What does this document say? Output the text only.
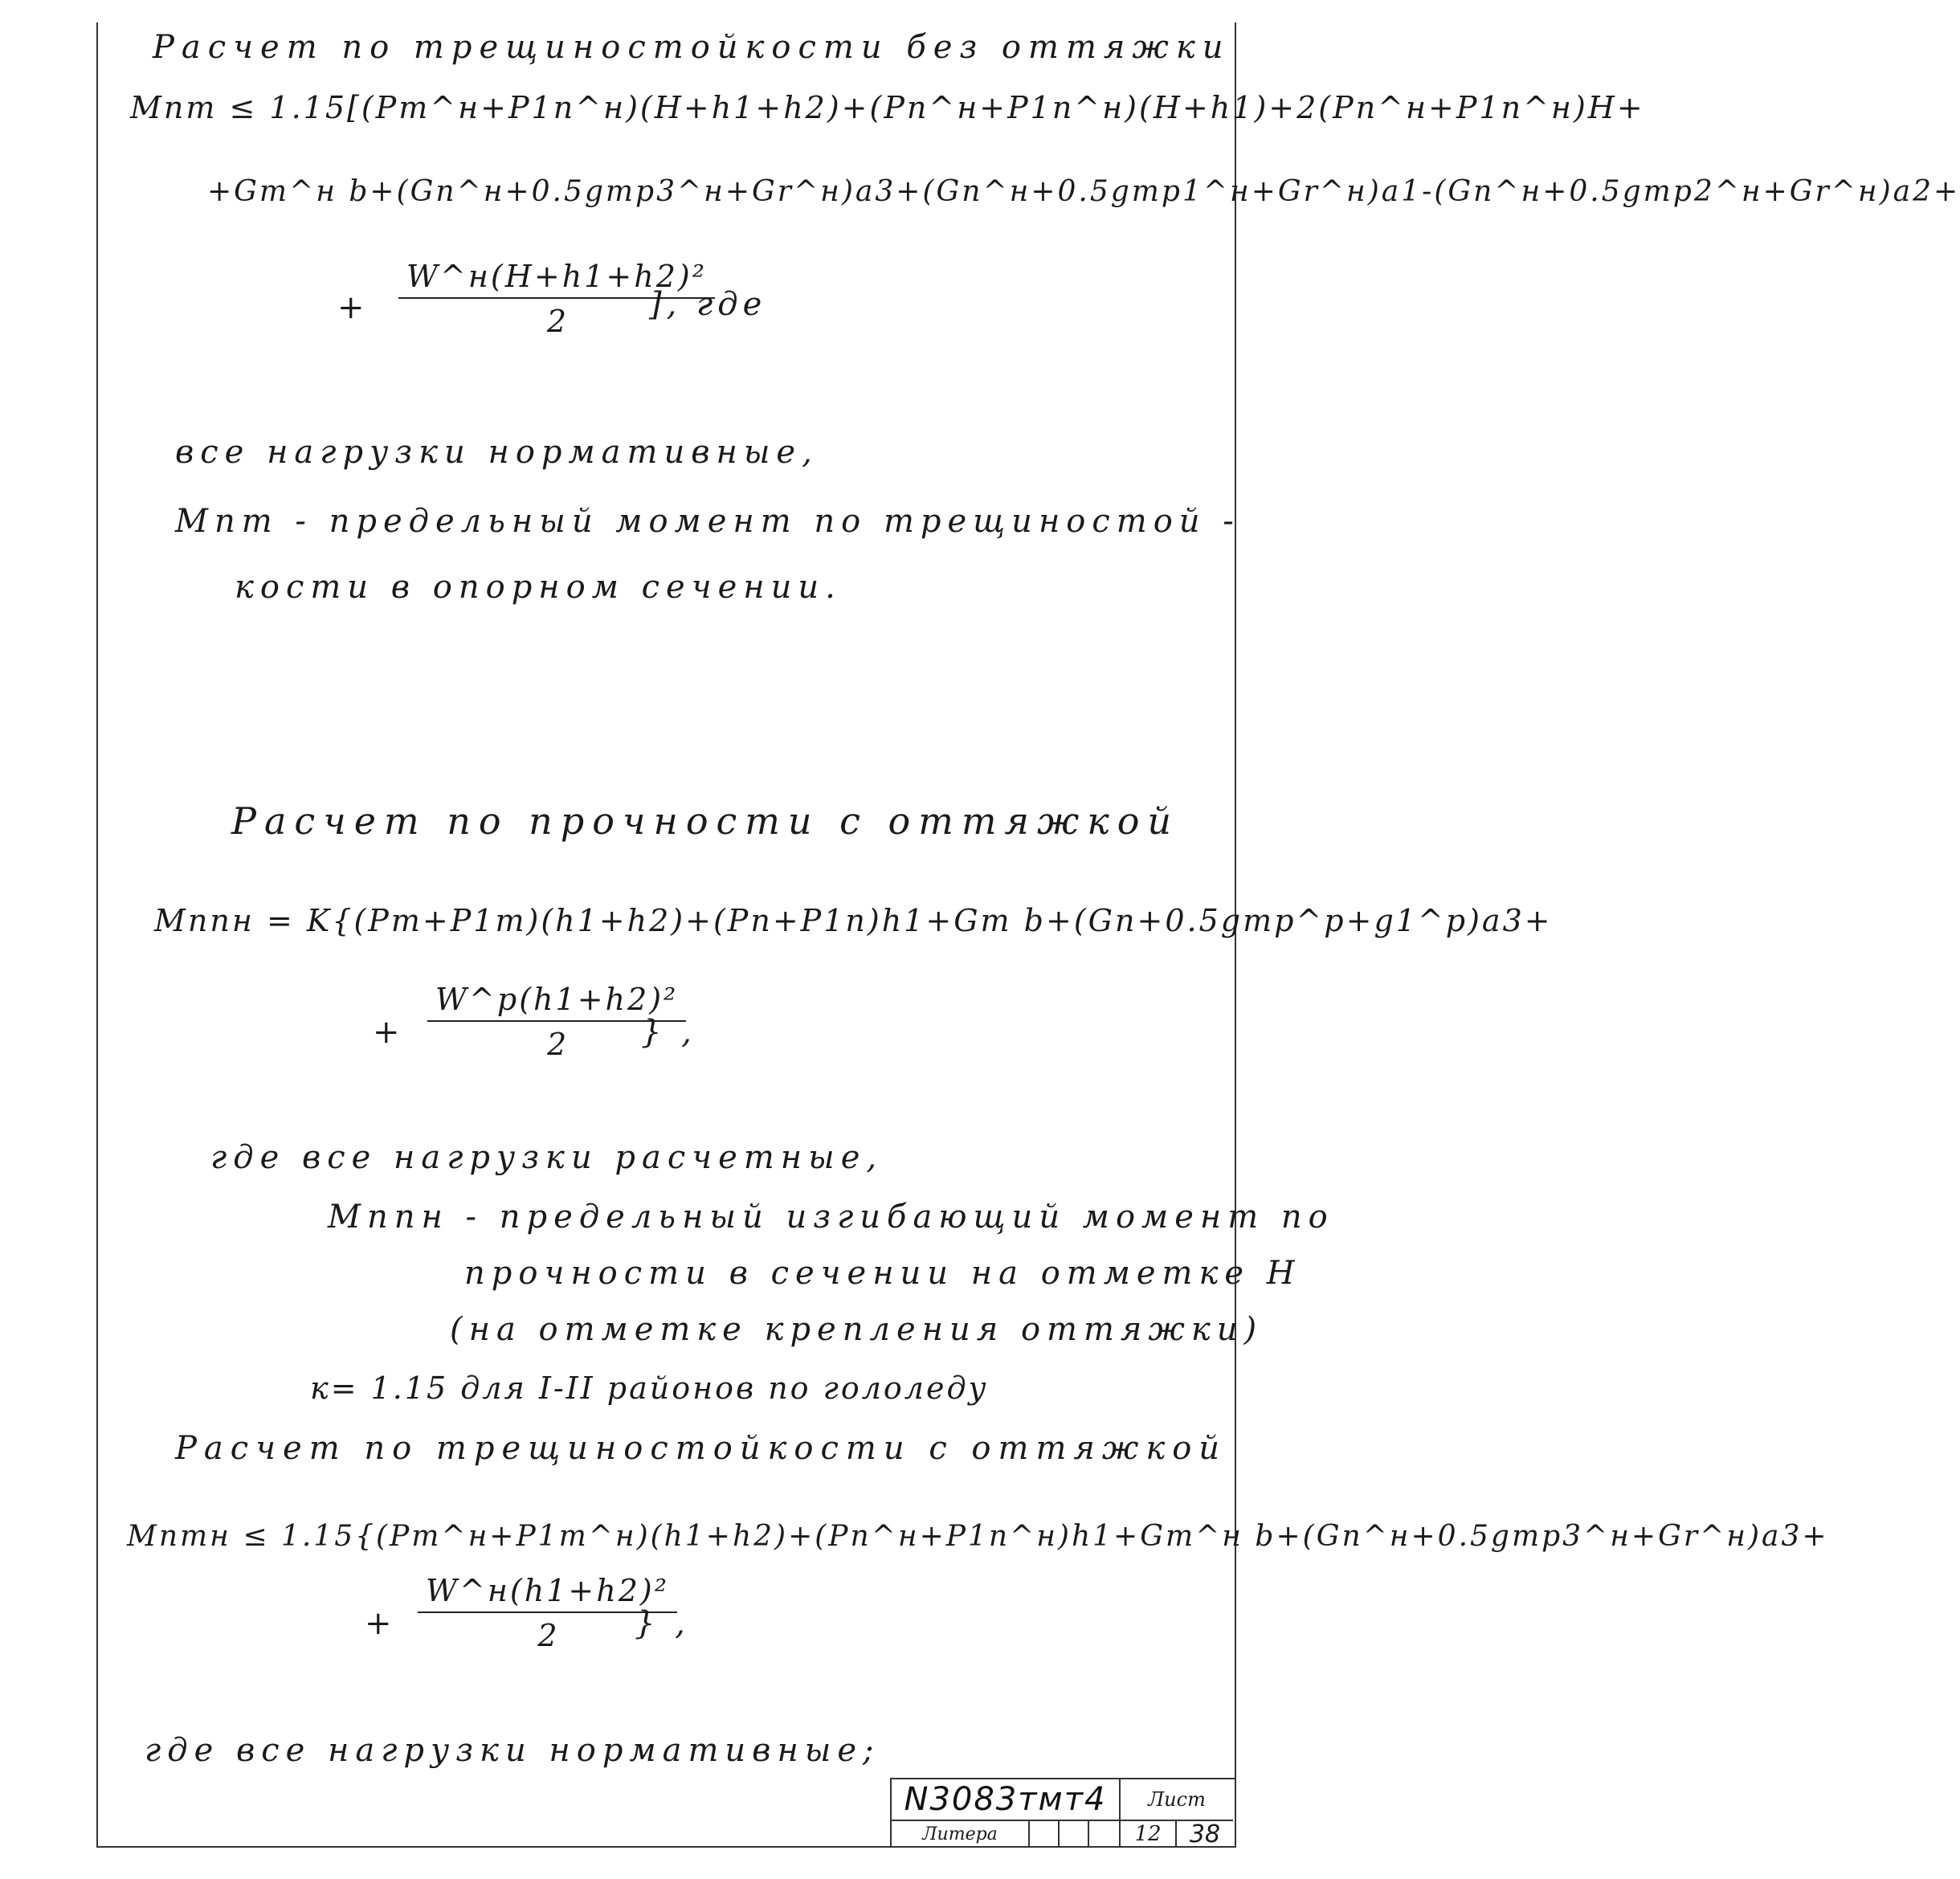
Расчет по трещиностойкости без оттяжки
Mпт ≤ 1.15[(Pт^н+P1п^н)(H+h1+h2)+(Pп^н+P1п^н)(H+h1)+2(Pп^н+P1п^н)H+
+Gт^н b+(Gп^н+0.5gтр3^н+Gr^н)a3+(Gп^н+0.5gтр1^н+Gr^н)a1-(Gп^н+0.5gтр2^н+Gr^н)a2+
+
W^н(H+h1+h2)²
2	], где
все нагрузки нормативные,
Mпт - предельный момент по трещиностой -
кости в опорном сечении.
Расчет по прочности с оттяжкой
Mппн = K{(Pт+P1т)(h1+h2)+(Pп+P1п)h1+Gт b+(Gп+0.5gтр^р+g1^р)a3+
+
W^р(h1+h2)²
2	} ,
где все нагрузки расчетные,
Mппн - предельный изгибающий момент по
прочности в сечении на отметке H
(на отметке крепления оттяжки)
к= 1.15 для I-II районов по гололеду
Расчет по трещиностойкости с оттяжкой
Mптн ≤ 1.15{(Pт^н+P1т^н)(h1+h2)+(Pп^н+P1п^н)h1+Gт^н b+(Gп^н+0.5gтр3^н+Gr^н)a3+
+
W^н(h1+h2)²
2	} ,
где все нагрузки нормативные;
N3083тмт4	Лист
Литера	12	38
